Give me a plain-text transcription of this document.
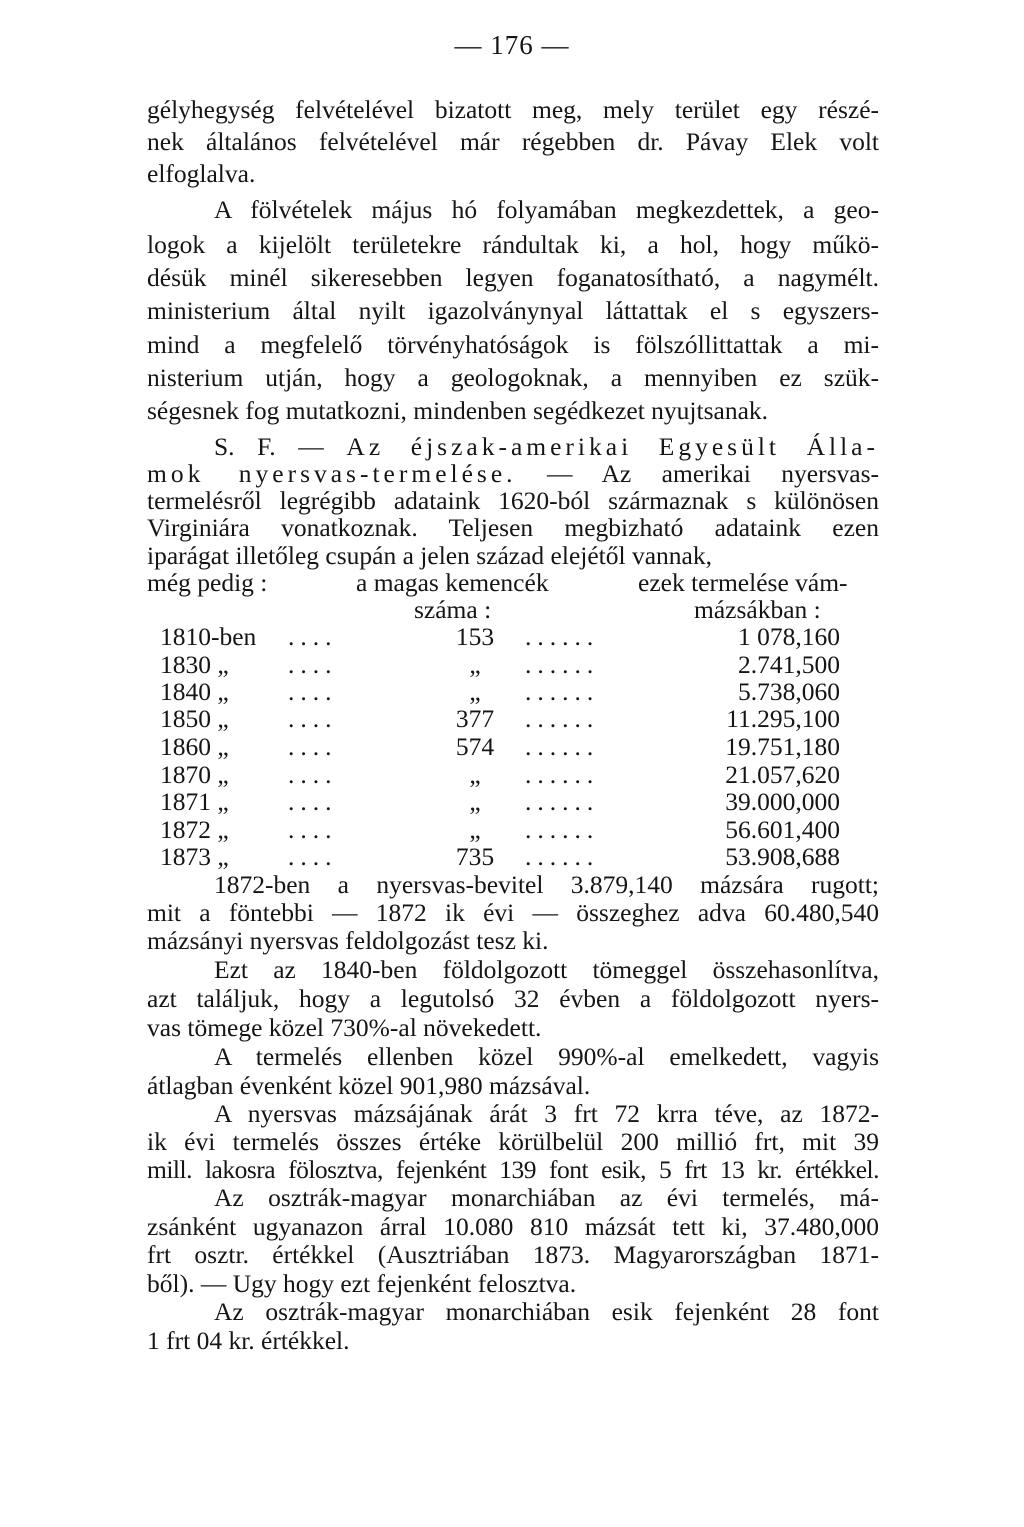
— 176 —
gélyhegység felvételével bizatott meg, mely terület egy részé-
nek általános felvételével már régebben dr. Pávay Elek volt
elfoglalva.
A fölvételek május hó folyamában megkezdettek, a geo-
logok a kijelölt területekre rándultak ki, a hol, hogy műkö-
désük minél sikeresebben legyen foganatosítható, a nagymélt.
ministerium által nyilt igazolványnyal láttattak el s egyszers-
mind a megfelelő törvényhatóságok is fölszóllittattak a mi-
nisterium utján, hogy a geologoknak, a mennyiben ez szük-
ségesnek fog mutatkozni, mindenben segédkezet nyujtsanak.
S. F. — Az éjszak-amerikai Egyesült Álla-
mok nyersvas-termelése. — Az amerikai nyersvas-
termelésről legrégibb adataink 1620-ból származnak s különösen
Virginiára vonatkoznak. Teljesen megbizható adataink ezen
iparágat illetőleg csupán a jelen század elejétől vannak,
még pedig :	a magas kemencék	ezek termelése vám-
száma :	mázsákban :
1810-ben ....	153	......	1 078,160
1830 „ ....	„	......	2.741,500
1840 „ ....	„	......	5.738,060
1850 „ ....	377	......	11.295,100
1860 „ ....	574	......	19.751,180
1870 „ ....	„	......	21.057,620
1871 „ ....	„	......	39.000,000
1872 „ ....	„	......	56.601,400
1873 „ ....	735	......	53.908,688
1872-ben a nyersvas-bevitel 3.879,140 mázsára rugott;
mit a föntebbi — 1872 ik évi — összeghez adva 60.480,540
mázsányi nyersvas feldolgozást tesz ki.
Ezt az 1840-ben földolgozott tömeggel összehasonlítva,
azt találjuk, hogy a legutolsó 32 évben a földolgozott nyers-
vas tömege közel 730%-al növekedett.
A termelés ellenben közel 990%-al emelkedett, vagyis
átlagban évenként közel 901,980 mázsával.
A nyersvas mázsájának árát 3 frt 72 krra téve, az 1872-
ik évi termelés összes értéke körülbelül 200 millió frt, mit 39
mill. lakosra fölosztva, fejenként 139 font esik, 5 frt 13 kr. értékkel.
Az osztrák-magyar monarchiában az évi termelés, má-
zsánként ugyanazon árral 10.080 810 mázsát tett ki, 37.480,000
frt osztr. értékkel (Ausztriában 1873. Magyarországban 1871-
ből). — Ugy hogy ezt fejenként felosztva.
Az osztrák-magyar monarchiában esik fejenként 28 font
1 frt 04 kr. értékkel.
